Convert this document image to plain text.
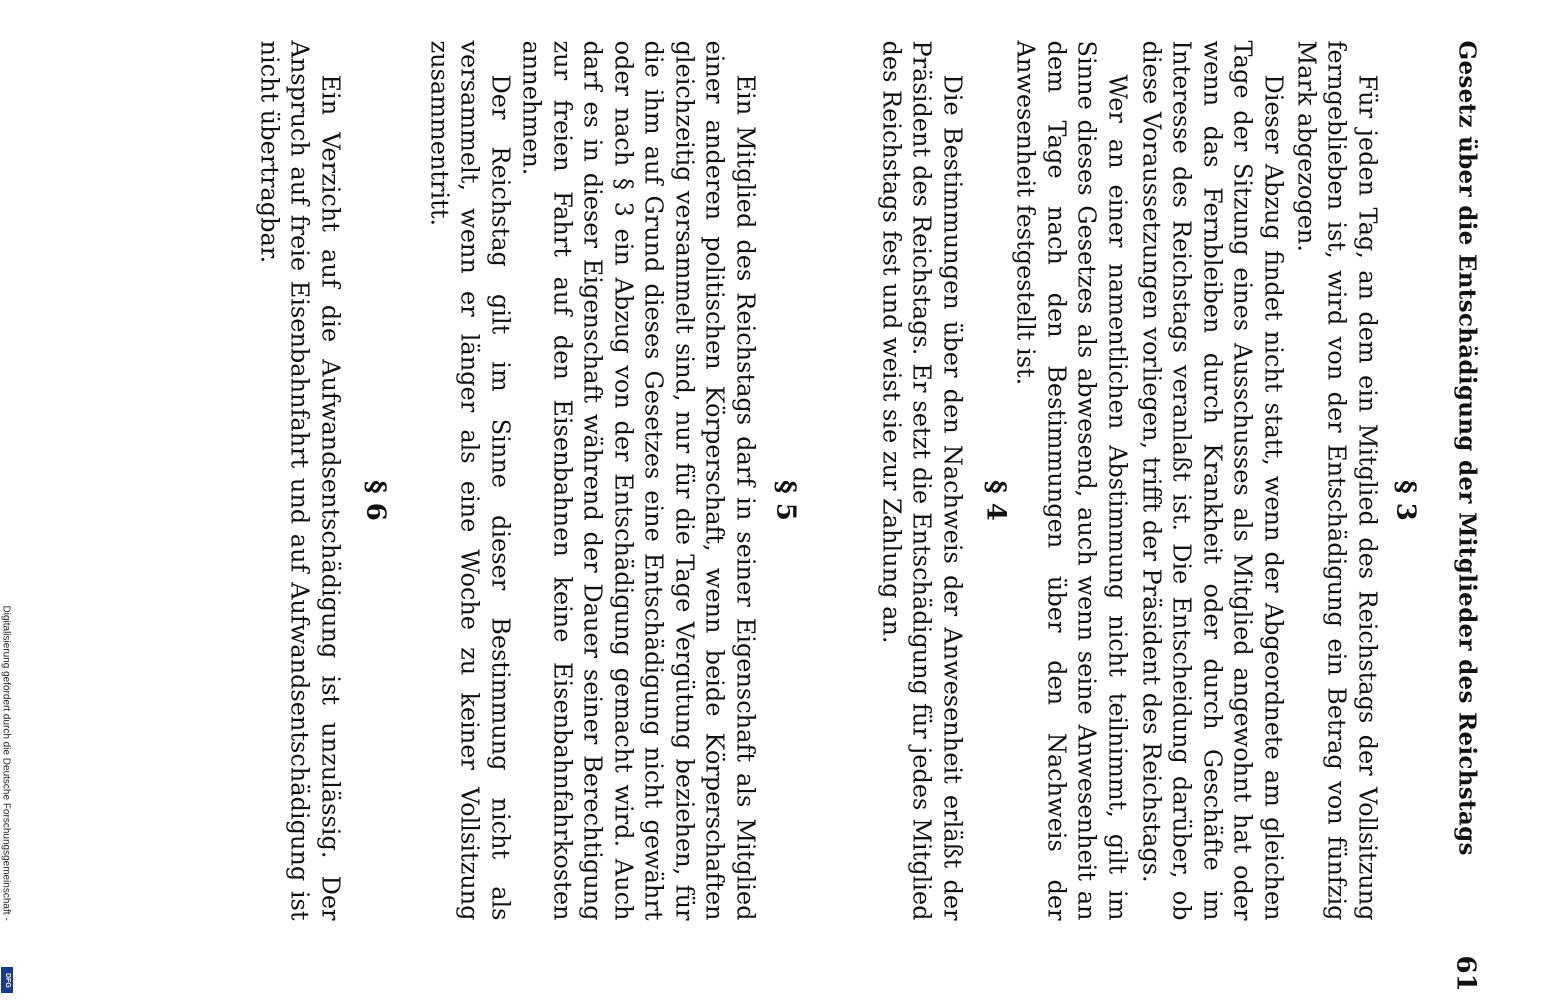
Gesetz über die Entschädigung der Mitglieder des Reichstags
61
§ 3

Für jeden Tag, an dem ein Mitglied des Reichstags der Vollsitzung ferngeblieben ist, wird von der Entschädigung ein Betrag von fünfzig Mark abgezogen.

Dieser Abzug findet nicht statt, wenn der Abgeordnete am gleichen Tage der Sitzung eines Ausschusses als Mitglied angewohnt hat oder wenn das Fernbleiben durch Krankheit oder durch Geschäfte im Interesse des Reichstags veranlaßt ist. Die Entscheidung darüber, ob diese Voraussetzungen vorliegen, trifft der Präsident des Reichstags.

Wer an einer namentlichen Abstimmung nicht teilnimmt, gilt im Sinne dieses Gesetzes als abwesend, auch wenn seine Anwesenheit an dem Tage nach den Bestimmungen über den Nachweis der Anwesenheit festgestellt ist.

§ 4

Die Bestimmungen über den Nachweis der Anwesenheit erläßt der Präsident des Reichstags. Er setzt die Entschädigung für jedes Mitglied des Reichstags fest und weist sie zur Zahlung an.

§ 5

Ein Mitglied des Reichstags darf in seiner Eigenschaft als Mitglied einer anderen politischen Körperschaft, wenn beide Körperschaften gleichzeitig versammelt sind, nur für die Tage Vergütung beziehen, für die ihm auf Grund dieses Gesetzes eine Entschädigung nicht gewährt oder nach § 3 ein Abzug von der Entschädigung gemacht wird. Auch darf es in dieser Eigenschaft während der Dauer seiner Berechtigung zur freien Fahrt auf den Eisenbahnen keine Eisenbahnfahrkosten annehmen.

Der Reichstag gilt im Sinne dieser Bestimmung nicht als versammelt, wenn er länger als eine Woche zu keiner Vollsitzung zusammentritt.

§ 6

Ein Verzicht auf die Aufwandsentschädigung ist unzulässig. Der Anspruch auf freie Eisenbahnfahrt und auf Aufwandsentschädigung ist nicht übertragbar.

Digitalisierung gefördert durch die Deutsche Forschungsgemeinschaft -
DFG
